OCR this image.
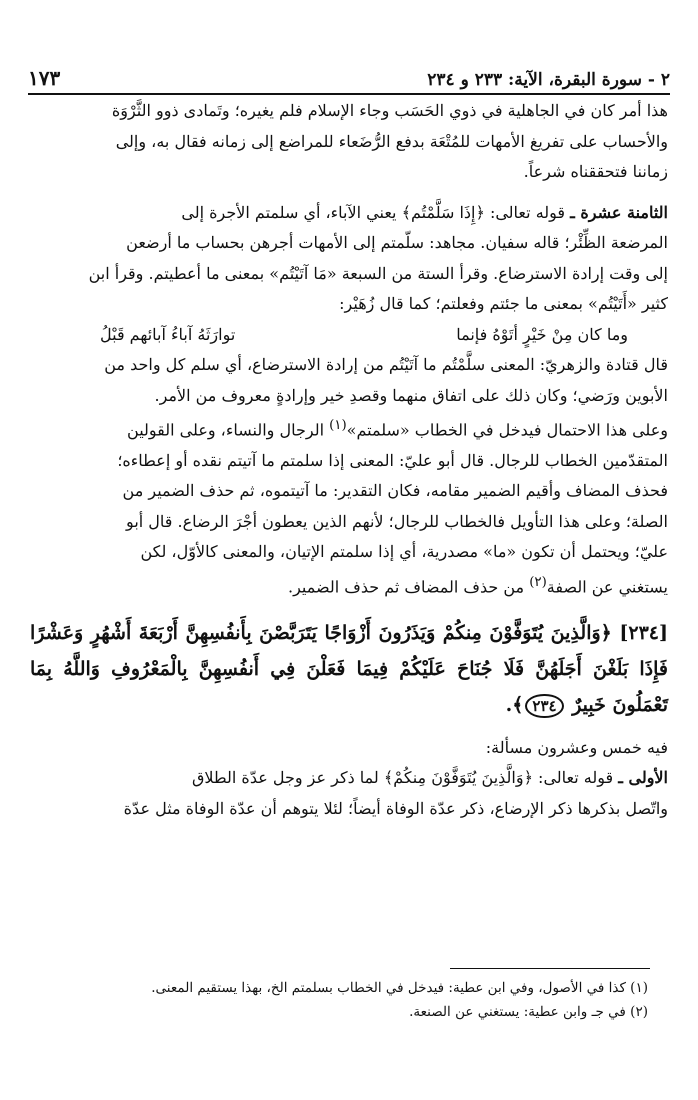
٢ - سورة البقرة، الآية: ٢٣٣ و ٢٣٤
١٧٣

هذا أمر كان في الجاهلية في ذوي الحَسَب وجاء الإسلام فلم يغيره؛ وتَمادى ذوو الثَّرْوَة

والأحساب على تفريغ الأمهات للمُتْعَة بدفع الرُّضَعاء للمراضع إلى زمانه فقال به، وإلى

زماننا فتحققناه شرعاً.

الثامنة عشرة ـ قوله تعالى: ﴿إِذَا سَلَّمْتُم﴾ يعني الآباء، أي سلمتم الأجرة إلى

المرضعة الظِّئْر؛ قاله سفيان. مجاهد: سلّمتم إلى الأمهات أجرهن بحساب ما أرضعن

إلى وقت إرادة الاسترضاع. وقرأ الستة من السبعة «مَا آتَيْتُم» بمعنى ما أعطيتم. وقرأ ابن

كثير «أَتَيْتُم» بمعنى ما جئتم وفعلتم؛ كما قال زُهَيْر:

وما كان مِنْ خَيْرٍ أتَوْهُ فإنما
توارَثَهُ آباءُ آبائهم قَبْلُ

قال قتادة والزهريّ: المعنى سلَّمْتُم ما آتَيْتُم من إرادة الاسترضاع، أي سلم كل واحد من

الأبوين ورَضي؛ وكان ذلك على اتفاق منهما وقصدِ خير وإرادةٍ معروف من الأمر.

وعلى هذا الاحتمال فيدخل في الخطاب «سلمتم»$^{(١)}$ الرجال والنساء، وعلى القولين

المتقدّمين الخطاب للرجال. قال أبو عليّ: المعنى إذا سلمتم ما آتيتم نقده أو إعطاءه؛

فحذف المضاف وأقيم الضمير مقامه، فكان التقدير: ما آتيتموه، ثم حذف الضمير من

الصلة؛ وعلى هذا التأويل فالخطاب للرجال؛ لأنهم الذين يعطون أجْرَ الرضاع. قال أبو

عليّ؛ ويحتمل أن تكون «ما» مصدرية، أي إذا سلمتم الإتيان، والمعنى كالأوّل، لكن

يستغني عن الصفة$^{(٢)}$ من حذف المضاف ثم حذف الضمير.

[٢٣٤] ﴿وَالَّذِينَ يُتَوَفَّوْنَ مِنكُمْ وَيَذَرُونَ أَزْوَاجًا يَتَرَبَّصْنَ بِأَنفُسِهِنَّ أَرْبَعَةَ أَشْهُرٍ وَعَشْرًا فَإِذَا بَلَغْنَ أَجَلَهُنَّ فَلَا جُنَاحَ عَلَيْكُمْ فِيمَا فَعَلْنَ فِي أَنفُسِهِنَّ بِالْمَعْرُوفِ وَاللَّهُ بِمَا تَعْمَلُونَ خَبِيرٌ ٢٣٤﴾.

فيه خمس وعشرون مسألة:

الأولى ـ قوله تعالى: ﴿وَالَّذِينَ يُتَوَفَّوْنَ مِنكُمْ﴾ لما ذكر عز وجل عدّة الطلاق

واتّصل بذكرها ذكر الإرضاع، ذكر عدّة الوفاة أيضاً؛ لئلا يتوهم أن عدّة الوفاة مثل عدّة

(١) كذا في الأصول، وفي ابن عطية: فيدخل في الخطاب بسلمتم الخ، بهذا يستقيم المعنى.

(٢) في جـ وابن عطية: يستغني عن الصنعة.
